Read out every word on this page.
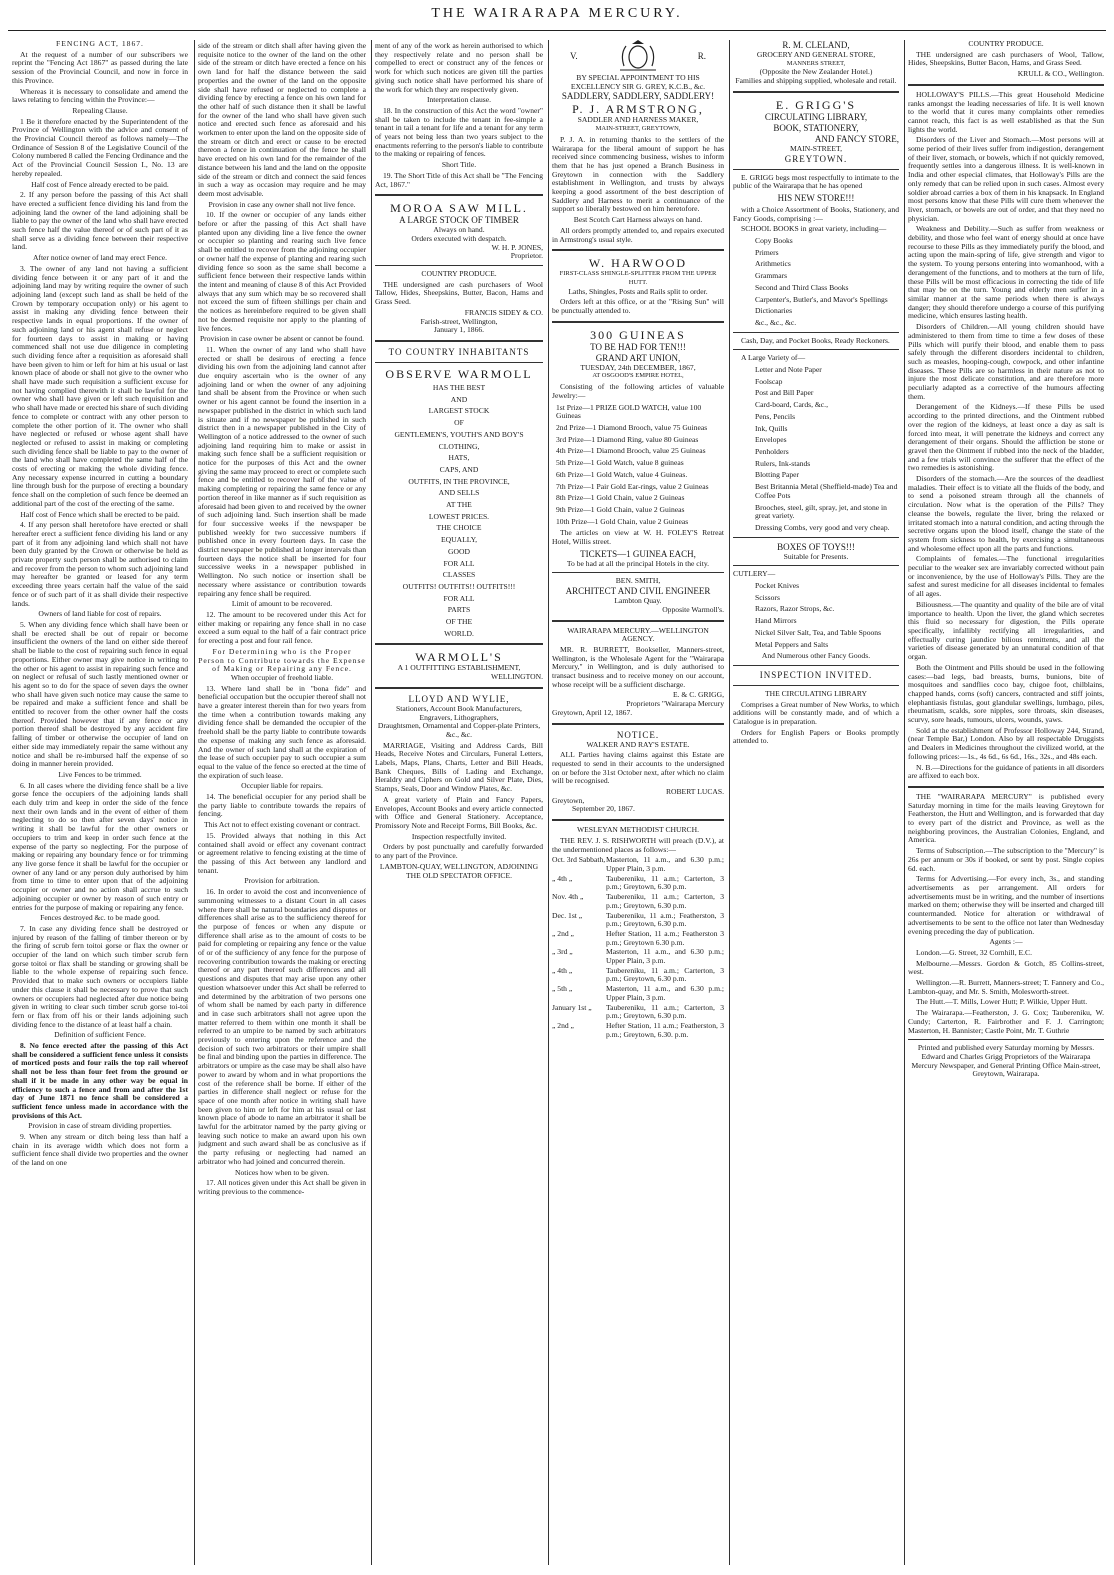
THE WAIRARAPA MERCURY.
FENCING ACT, 1867.

At the request of a number of our subscribers we reprint the "Fencing Act 1867" as passed during the late session of the Provincial Council, and now in force in this Province.

Whereas it is necessary to consolidate and amend the laws relating to fencing within the Province:—

Repealing Clause.

1 Be it therefore enacted by the Superintendent of the Province of Wellington with the advice and consent of the Provincial Council thereof as follows namely—The Ordinance of Session 8 of the Legislative Council of the Colony numbered 8 called the Fencing Ordinance and the Act of the Provincial Council Session I., No. 13 are hereby repealed.

Half cost of Fence already erected to be paid.

2. If any person before the passing of this Act shall have erected a sufficient fence dividing his land from the adjoining land the owner of the land adjoining shall be liable to pay the owner of the land who shall have erected such fence half the value thereof or of such part of it as shall serve as a dividing fence between their respective land.

After notice owner of land may erect Fence.

3. The owner of any land not having a sufficient dividing fence between it or any part of it and the adjoining land may by writing require the owner of such adjoining land (except such land as shall be held of the Crown by temporary occupation only) or his agent to assist in making any dividing fence between their respective lands in equal proportions. If the owner of such adjoining land or his agent shall refuse or neglect for fourteen days to assist in making or having commenced shall not use due diligence in completing such dividing fence after a requisition as aforesaid shall have been given to him or left for him at his usual or last known place of abode or shall not give to the owner who shall have made such requisition a sufficient excuse for not having complied therewith it shall be lawful for the owner who shall have given or left such requisition and who shall have made or erected his share of such dividing fence to complete or contract with any other person to complete the other portion of it. The owner who shall have neglected or refused or whose agent shall have neglected or refused to assist in making or completing such dividing fence shall be liable to pay to the owner of the land who shall have completed the same half of the costs of erecting or making the whole dividing fence. Any necessary expense incurred in cutting a boundary line through bush for the purpose of erecting a boundary fence shall on the completion of such fence be deemed an additional part of the cost of the erecting of the same.

Half cost of Fence which shall be erected to be paid.

4. If any person shall heretofore have erected or shall hereafter erect a sufficient fence dividing his land or any part of it from any adjoining land which shall not have been duly granted by the Crown or otherwise be held as private property such person shall be authorised to claim and recover from the person to whom such adjoining land may hereafter be granted or leased for any term exceeding three years certain half the value of the said fence or of such part of it as shall divide their respective lands.

Owners of land liable for cost of repairs.

5. When any dividing fence which shall have been or shall be erected shall be out of repair or become insufficient the owners of the land on either side thereof shall be liable to the cost of repairing such fence in equal proportions. Either owner may give notice in writing to the other or his agent to assist in repairing such fence and on neglect or refusal of such lastly mentioned owner or his agent so to do for the space of seven days the owner who shall have given such notice may cause the same to be repaired and make a sufficient fence and shall be entitled to recover from the other owner half the costs thereof. Provided however that if any fence or any portion thereof shall be destroyed by any accident fire falling of timber or otherwise the occupier of land on either side may immediately repair the same without any notice and shall be re-imbursed half the expense of so doing in manner herein provided.

Live Fences to be trimmed.

6. In all cases where the dividing fence shall be a live gorse fence the occupiers of the adjoining lands shall each duly trim and keep in order the side of the fence next their own lands and in the event of either of them neglecting to do so then after seven days' notice in writing it shall be lawful for the other owners or occupiers to trim and keep in order such fence at the expense of the party so neglecting. For the purpose of making or repairing any boundary fence or for trimming any live gorse fence it shall be lawful for the occupier or owner of any land or any person duly authorised by him from time to time to enter upon that of the adjoining occupier or owner and no action shall accrue to such adjoining occupier or owner by reason of such entry or entries for the purpose of making or repairing any fence.

Fences destroyed &c. to be made good.

7. In case any dividing fence shall be destroyed or injured by reason of the falling of timber thereon or by the firing of scrub fern toitoi gorse or flax the owner or occupier of the land on which such timber scrub fern gorse toitoi or flax shall be standing or growing shall be liable to the whole expense of repairing such fence. Provided that to make such owners or occupiers liable under this clause it shall be necessary to prove that such owners or occupiers had neglected after due notice being given in writing to clear such timber scrub gorse toi-toi fern or flax from off his or their lands adjoining such dividing fence to the distance of at least half a chain.

Definition of sufficient Fence.

8. No fence erected after the passing of this Act shall be considered a sufficient fence unless it consists of morticed posts and four rails the top rail whereof shall not be less than four feet from the ground or shall if it be made in any other way be equal in efficiency to such a fence and from and after the 1st day of June 1871 no fence shall be considered a sufficient fence unless made in accordance with the provisions of this Act.

Provision in case of stream dividing properties.

9. When any stream or ditch being less than half a chain in its average width which does not form a sufficient fence shall divide two properties and the owner of the land on one

side of the stream or ditch shall after having given the requisite notice to the owner of the land on the other side of the stream or ditch have erected a fence on his own land for half the distance between the said properties and the owner of the land on the opposite side shall have refused or neglected to complete a dividing fence by erecting a fence on his own land for the other half of such distance then it shall be lawful for the owner of the land who shall have given such notice and erected such fence as aforesaid and his workmen to enter upon the land on the opposite side of the stream or ditch and erect or cause to be erected thereon a fence in continuation of the fence he shall have erected on his own land for the remainder of the distance between his land and the land on the opposite side of the stream or ditch and connect the said fences in such a way as occasion may require and he may deem most advisable.

Provision in case any owner shall not live fence.

10. If the owner or occupier of any lands either before or after the passing of this Act shall have planted upon any dividing line a live fence the owner or occupier so planting and rearing such live fence shall be entitled to recover from the adjoining occupier or owner half the expense of planting and rearing such dividing fence so soon as the same shall become a sufficient fence between their respective lands within the intent and meaning of clause 8 of this Act Provided always that any sum which may be so recovered shall not exceed the sum of fifteen shillings per chain and the notices as hereinbefore required to be given shall not be deemed requisite nor apply to the planting of live fences.

Provision in case owner be absent or cannot be found.

11. When the owner of any land who shall have erected or shall be desirous of erecting a fence dividing his own from the adjoining land cannot after due enquiry ascertain who is the owner of any adjoining land or when the owner of any adjoining land shall be absent from the Province or when such owner or his agent cannot be found the insertion in a newspaper published in the district in which such land is situate and if no newspaper be published in such district then in a newspaper published in the City of Wellington of a notice addressed to the owner of such adjoining land requiring him to make or assist in making such fence shall be a sufficient requisition or notice for the purposes of this Act and the owner giving the same may proceed to erect or complete such fence and be entitled to recover half of the value of making completing or repairing the same fence or any portion thereof in like manner as if such requisition as aforesaid had been given to and received by the owner of such adjoining land. Such insertion shall be made for four successive weeks if the newspaper be published weekly for two successive numbers if published once in every fourteen days. In case the district newspaper be published at longer intervals than fourteen days the notice shall be inserted for four successive weeks in a newspaper published in Wellington. No such notice or insertion shall be necessary where assistance or contribution towards repairing any fence shall be required.

Limit of amount to be recovered.

12. The amount to be recovered under this Act for either making or repairing any fence shall in no case exceed a sum equal to the half of a fair contract price for erecting a post and four rail fence.

For Determining who is the Proper Person to Contribute towards the Expense of Making or Repairing any Fence.
When occupier of freehold liable.

13. Where land shall be in "bona fide" and beneficial occupation but the occupier thereof shall not have a greater interest therein than for two years from the time when a contribution towards making any dividing fence shall be demanded the occupier of the freehold shall be the party liable to contribute towards the expense of making any such fence as aforesaid. And the owner of such land shall at the expiration of the lease of such occupier pay to such occupier a sum equal to the value of the fence so erected at the time of the expiration of such lease.

Occupier liable for repairs.

14. The beneficial occupier for any period shall be the party liable to contribute towards the repairs of fencing.

This Act not to effect existing covenant or contract.

15. Provided always that nothing in this Act contained shall avoid or effect any covenant contract or agreement relative to fencing existing at the time of the passing of this Act between any landlord and tenant.

Provision for arbitration.

16. In order to avoid the cost and inconvenience of summoning witnesses to a distant Court in all cases where there shall be natural boundaries and disputes or differences shall arise as to the sufficiency thereof for the purpose of fences or when any dispute or difference shall arise as to the amount of costs to be paid for completing or repairing any fence or the value of or of the sufficiency of any fence for the purpose of recovering contribution towards the making or erecting thereof or any part thereof such differences and all questions and disputes that may arise upon any other question whatsoever under this Act shall be referred to and determined by the arbitration of two persons one of whom shall be named by each party in difference and in case such arbitrators shall not agree upon the matter referred to them within one month it shall be referred to an umpire to be named by such arbitrators previously to entering upon the reference and the decision of such two arbitrators or their umpire shall be final and binding upon the parties in difference. The arbitrators or umpire as the case may be shall also have power to award by whom and in what proportions the cost of the reference shall be borne. If either of the parties in difference shall neglect or refuse for the space of one month after notice in writing shall have been given to him or left for him at his usual or last known place of abode to name an arbitrator it shall be lawful for the arbitrator named by the party giving or leaving such notice to make an award upon his own judgment and such award shall be as conclusive as if the party refusing or neglecting had named an arbitrator who had joined and concurred therein.

Notices how when to be given.

17. All notices given under this Act shall be given in writing previous to the commence-

ment of any of the work as herein authorised to which they respectively relate and no person shall be compelled to erect or construct any of the fences or work for which such notices are given till the parties giving such notice shall have performed his share of the work for which they are respectively given.

Interpretation clause.

18. In the construction of this Act the word "owner" shall be taken to include the tenant in fee-simple a tenant in tail a tenant for life and a tenant for any term of years not being less than two years subject to the enactments referring to the person's liable to contribute to the making or repairing of fences.

Short Title.

19. The Short Title of this Act shall be "The Fencing Act, 1867."

MOROA SAW MILL.
A LARGE STOCK OF TIMBER
Always on hand.
Orders executed with despatch.
W. H. P. JONES,
Proprietor.
COUNTRY PRODUCE.

THE undersigned are cash purchasers of Wool Tallow, Hides, Sheepskins, Butter, Bacon, Hams and Grass Seed.

FRANCIS SIDEY & CO.
Farish-street, Wellington,
January 1, 1866.
TO COUNTRY INHABITANTS
OBSERVE WARMOLL
HAS THE BEST
AND
LARGEST STOCK
OF
GENTLEMEN'S, YOUTH'S AND BOY'S
CLOTHING,
HATS,
CAPS, AND
OUTFITS, IN THE PROVINCE,
AND SELLS
AT THE
LOWEST PRICES.
THE CHOICE
EQUALLY,
GOOD
FOR ALL
CLASSES
OUTFITS! OUTFITS!! OUTFITS!!!
FOR ALL
PARTS
OF THE
WORLD.
WARMOLL'S
A 1 OUTFITTING ESTABLISHMENT,
WELLINGTON.
LLOYD AND WYLIE,
Stationers, Account Book Manufacturers,
Engravers, Lithographers,
Draughtsmen, Ornamental and Copper-plate Printers, &c., &c.

MARRIAGE, Visiting and Address Cards, Bill Heads, Receive Notes and Circulars, Funeral Letters, Labels, Maps, Plans, Charts, Letter and Bill Heads, Bank Cheques, Bills of Lading and Exchange, Heraldry and Ciphers on Gold and Silver Plate, Dies, Stamps, Seals, Door and Window Plates, &c.

A great variety of Plain and Fancy Papers, Envelopes, Account Books and every article connected with Office and General Stationery. Acceptance, Promissory Note and Receipt Forms, Bill Books, &c.

Inspection respectfully invited.

Orders by post punctually and carefully forwarded to any part of the Province.

LAMBTON-QUAY, WELLINGTON, ADJOINING THE OLD SPECTATOR OFFICE.
V.	R.
BY SPECIAL APPOINTMENT TO HIS EXCELLENCY SIR G. GREY, K.C.B., &c.
SADDLERY, SADDLERY, SADDLERY!
P. J. ARMSTRONG,
SADDLER AND HARNESS MAKER,
MAIN-STREET, GREYTOWN,

P. J. A. in returning thanks to the settlers of the Wairarapa for the liberal amount of support he has received since commencing business, wishes to inform them that he has just opened a Branch Business in Greytown in connection with the Saddlery establishment in Wellington, and trusts by always keeping a good assortment of the best description of Saddlery and Harness to merit a continuance of the support so liberally bestowed on him heretofore.

Best Scotch Cart Harness always on hand.

All orders promptly attended to, and repairs executed in Armstrong's usual style.

W. HARWOOD
FIRST-CLASS SHINGLE-SPLITTER FROM THE UPPER HUTT.
Laths, Shingles, Posts and Rails split to order.

Orders left at this office, or at the "Rising Sun" will be punctually attended to.

300 GUINEAS
TO BE HAD FOR TEN!!!
GRAND ART UNION,
TUESDAY, 24th DECEMBER, 1867,
AT OSGOOD'S EMPIRE HOTEL,

Consisting of the following articles of valuable Jewelry:—

1st Prize—1 PRIZE GOLD WATCH, value 100 Guineas
2nd Prize—1 Diamond Brooch, value 75 Guineas
3rd Prize—1 Diamond Ring, value 80 Guineas
4th Prize—1 Diamond Brooch, value 25 Guineas
5th Prize—1 Gold Watch, value 8 guineas
6th Prize—1 Gold Watch, value 4 Guineas.
7th Prize—1 Pair Gold Ear-rings, value 2 Guineas
8th Prize—1 Gold Chain, value 2 Guineas
9th Prize—1 Gold Chain, value 2 Guineas
10th Prize—1 Gold Chain, value 2 Guineas

The articles on view at W. H. FOLEY'S Retreat Hotel, Willis street.

TICKETS—1 GUINEA EACH,
To be had at all the principal Hotels in the city.
BEN. SMITH,
ARCHITECT AND CIVIL ENGINEER
Lambton Quay.
Opposite Warmoll's.
WAIRARAPA MERCURY.—WELLINGTON AGENCY.

MR. R. BURRETT, Bookseller, Manners-street, Wellington, is the Wholesale Agent for the "Wairarapa Mercury," in Wellington, and is duly authorised to transact business and to receive money on our account, whose receipt will be a sufficient discharge.

E. & C. GRIGG,
Proprietors "Wairarapa Mercury
Greytown, April 12, 1867.
NOTICE.
WALKER AND RAY'S ESTATE.

ALL Parties having claims against this Estate are requested to send in their accounts to the undersigned on or before the 31st October next, after which no claim will be recognised.

ROBERT LUCAS.
Greytown,
September 20, 1867.
WESLEYAN METHODIST CHURCH.

THE REV. J. S. RISHWORTH will preach (D.V.), at the undermentioned places as follows:—

Oct. 3rd Sabbath, Masterton, 11 a.m., and 6.30 p.m.; Upper Plain, 3 p.m.
„ 4th „	Taubereniku, 11 a.m.; Carterton, 3 p.m.; Greytown, 6.30 p.m.
Nov. 4th „	Taubereniku, 11 a.m.; Carterton, 3 p.m.; Greytown, 6.30 p.m.
Dec. 1st „	Taubereniku, 11 a.m.; Featherston, 3 p.m.; Greytown, 6.30 p.m.
„ 2nd „	Hefter Station, 11 a.m.; Featherston 3 p.m.; Greytown 6.30 p.m.
„ 3rd „	Masterton, 11 a.m., and 6.30 p.m.; Upper Plain, 3 p.m.
„ 4th „	Taubereniku, 11 a.m.; Carterton, 3 p.m.; Greytown, 6.30 p.m.
„ 5th „	Masterton, 11 a.m., and 6.30 p.m.; Upper Plain, 3 p.m.
January 1st „	Taubereniku, 11 a.m.; Carterton, 3 p.m.; Greytown, 6.30 p.m.
„ 2nd „	Hefter Station, 11 a.m.; Featherston, 3 p.m.; Greytown, 6.30. p.m.
R. M. CLELAND,
GROCERY AND GENERAL STORE,
MANNERS STREET,
(Opposite the New Zealander Hotel.)
Families and shipping supplied, wholesale and retail.
E. GRIGG'S
CIRCULATING LIBRARY,
BOOK, STATIONERY,
AND FANCY STORE,
MAIN-STREET,
GREYTOWN.

E. GRIGG begs most respectfully to intimate to the public of the Wairarapa that he has opened

HIS NEW STORE!!!

with a Choice Assortment of Books, Stationery, and Fancy Goods, comprising :—

SCHOOL BOOKS in great variety, including—

Copy Books
Primers
Arithmetics
Grammars
Second and Third Class Books
Carpenter's, Butler's, and Mavor's Spellings
Dictionaries
&c., &c., &c.

Cash, Day, and Pocket Books, Ready Reckoners.

A Large Variety of—

Letter and Note Paper
Foolscap
Post and Bill Paper
Card-board, Cards, &c.,
Pens, Pencils
Ink, Quills
Envelopes
Penholders
Rulers, Ink-stands
Blotting Paper
Best Britannia Metal (Sheffield-made) Tea and Coffee Pots
Brooches, steel, gilt, spray, jet, and stone in great variety.
Dressing Combs, very good and very cheap.
BOXES OF TOYS!!!
Suitable for Presents.
CUTLERY—
Pocket Knives
Scissors
Razors, Razor Strops, &c.
Hand Mirrors
Nickel Silver Salt, Tea, and Table Spoons
Metal Peppers and Salts
And Numerous other Fancy Goods.
INSPECTION INVITED.
THE CIRCULATING LIBRARY

Comprises a Great number of New Works, to which additions will be constantly made, and of which a Catalogue is in preparation.

Orders for English Papers or Books promptly attended to.

COUNTRY PRODUCE.

THE undersigned are cash purchasers of Wool, Tallow, Hides, Sheepskins, Butter Bacon, Hams, and Grass Seed.

KRULL & CO., Wellington.

HOLLOWAY'S PILLS.—This great Household Medicine ranks amongst the leading necessaries of life. It is well known to the world that it cures many complaints other remedies cannot reach, this fact is as well established as that the Sun lights the world.

Disorders of the Liver and Stomach.—Most persons will at some period of their lives suffer from indigestion, derangement of their liver, stomach, or bowels, which if not quickly removed, frequently settles into a dangerous illness. It is well-known in India and other especial climates, that Holloway's Pills are the only remedy that can be relied upon in such cases. Almost every soldier abroad carries a box of them in his knapsack. In England most persons know that these Pills will cure them whenever the liver, stomach, or bowels are out of order, and that they need no physician.

Weakness and Debility.—Such as suffer from weakness or debility, and those who feel want of energy should at once have recourse to these Pills as they immediately purify the blood, and acting upon the main-spring of life, give strength and vigor to the system. To young persons entering into womanhood, with a derangement of the functions, and to mothers at the turn of life, these Pills will be most efficacious in correcting the tide of life that may be on the turn. Young and elderly men suffer in a similar manner at the same periods when there is always danger; they should therefore undergo a course of this purifying medicine, which ensures lasting health.

Disorders of Children.—All young children should have administered to them from time to time a few doses of these Pills which will purify their blood, and enable them to pass safely through the different disorders incidental to children, such as measles, hooping-cough, cowpock, and other infantine diseases. These Pills are so harmless in their nature as not to injure the most delicate constitution, and are therefore more peculiarly adapted as a corrective of the humours affecting them.

Derangement of the Kidneys.—If these Pills be used according to the printed directions, and the Ointment rubbed over the region of the kidneys, at least once a day as salt is forced into meat, it will penetrate the kidneys and correct any derangement of their organs. Should the affliction be stone or gravel then the Ointment if rubbed into the neck of the bladder, and a few trials will convince the sufferer that the effect of the two remedies is astonishing.

Disorders of the stomach.—Are the sources of the deadliest maladies. Their effect is to vitiate all the fluids of the body, and to send a poisoned stream through all the channels of circulation. Now what is the operation of the Pills? They cleanse the bowels, regulate the liver, bring the relaxed or irritated stomach into a natural condition, and acting through the secretive organs upon the blood itself, change the state of the system from sickness to health, by exercising a simultaneous and wholesome effect upon all the parts and functions.

Complaints of females.—The functional irregularities peculiar to the weaker sex are invariably corrected without pain or inconvenience, by the use of Holloway's Pills. They are the safest and surest medicine for all diseases incidental to females of all ages.

Biliousness.—The quantity and quality of the bile are of vital importance to health. Upon the liver, the gland which secretes this fluid so necessary for digestion, the Pills operate specifically, infallibly rectifying all irregularities, and effectually curing jaundice bilious remittents, and all the varieties of disease generated by an unnatural condition of that organ.

Both the Ointment and Pills should be used in the following cases:—bad legs, bad breasts, burns, bunions, bite of mosquitoes and sandflies coco bay, chigoe foot, chilblains, chapped hands, corns (soft) cancers, contracted and stiff joints, elephantiasis fistulas, gout glandular swellings, lumbago, piles, rheumatism, scalds, sore nipples, sore throats, skin diseases, scurvy, sore heads, tumours, ulcers, wounds, yaws.

Sold at the establishment of Professor Holloway 244, Strand, (near Temple Bar,) London. Also by all respectable Druggists and Dealers in Medicines throughout the civilized world, at the following prices:—1s., 4s 6d., 6s 6d., 16s., 32s., and 48s each.

N. B.—Directions for the guidance of patients in all disorders are affixed to each box.

THE "WAIRARAPA MERCURY" is published every Saturday morning in time for the mails leaving Greytown for Featherston, the Hutt and Wellington, and is forwarded that day to every part of the district and Province, as well as the neighboring provinces, the Australian Colonies, England, and America.

Terms of Subscription.—The subscription to the "Mercury" is 26s per annum or 30s if booked, or sent by post. Single copies 6d. each.

Terms for Advertising.—For every inch, 3s., and standing advertisements as per arrangement. All orders for advertisements must be in writing, and the number of insertions marked on them; otherwise they will be inserted and charged till countermanded. Notice for alteration or withdrawal of advertisements to be sent to the office not later than Wednesday evening preceding the day of publication.

Agents :—

London.—G. Street, 32 Cornhill, E.C.

Melbourne.—Messrs. Gordon & Gotch, 85 Collins-street, west.

Wellington.—R. Burrett, Manners-street; T. Fannery and Co., Lambton-quay, and Mr. S. Smith, Molesworth-street.

The Hutt.—T. Mills, Lower Hutt; P. Wilkie, Upper Hutt.

The Wairarapa.—Featherston, J. G. Cox; Taubereniku, W. Cundy; Carterton, R. Fairbrother and F. J. Carrington; Masterton, H. Bannister; Castle Point, Mr. T. Guthrie

Printed and published every Saturday morning by Messrs. Edward and Charles Grigg Proprietors of the Wairarapa Mercury Newspaper, and General Printing Office Main-street, Greytown, Wairarapa.
